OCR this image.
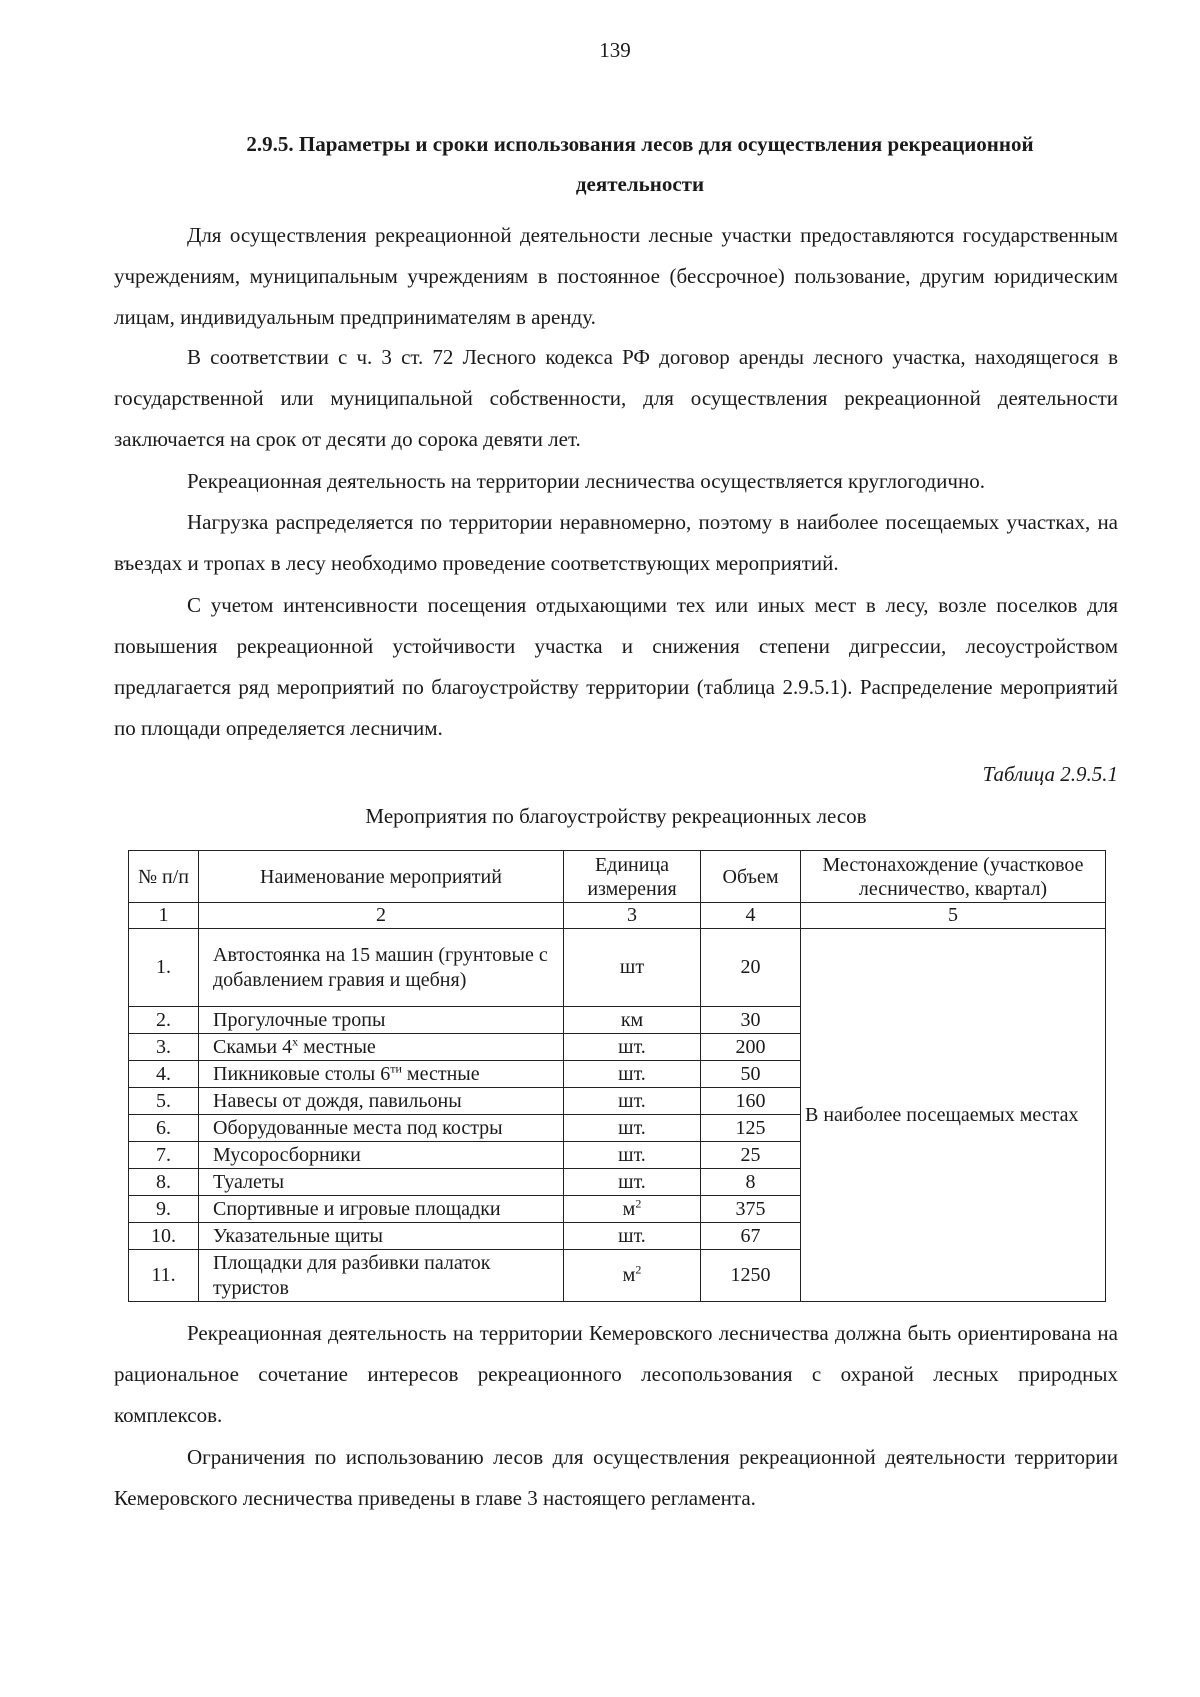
139
2.9.5. Параметры и сроки использования лесов для осуществления рекреационной
деятельности

Для осуществления рекреационной деятельности лесные участки предоставляются государственным учреждениям, муниципальным учреждениям в постоянное (бессрочное) пользование, другим юридическим лицам, индивидуальным предпринимателям в аренду.

В соответствии с ч. 3 ст. 72 Лесного кодекса РФ договор аренды лесного участка, находящегося в государственной или муниципальной собственности, для осуществления рекреационной деятельности заключается на срок от десяти до сорока девяти лет.

Рекреационная деятельность на территории лесничества осуществляется круглогодично.

Нагрузка распределяется по территории неравномерно, поэтому в наиболее посещаемых участках, на въездах и тропах в лесу необходимо проведение соответствующих мероприятий.

С учетом интенсивности посещения отдыхающими тех или иных мест в лесу, возле поселков для повышения рекреационной устойчивости участка и снижения степени дигрессии, лесоустройством предлагается ряд мероприятий по благоустройству территории (таблица 2.9.5.1). Распределение мероприятий по площади определяется лесничим.

Таблица 2.9.5.1
Мероприятия по благоустройству рекреационных лесов
№ п/п	Наименование мероприятий	Единица измерения	Объем	Местонахождение (участковое лесничество, квартал)
1	2	3	4	5
1.	Автостоянка на 15 машин (грунтовые с добавлением гравия и щебня)	шт	20	В наиболее посещаемых местах
2.	Прогулочные тропы	км	30	
3.	Скамьи $4^х$ местные	шт.	200	
4.	Пикниковые столы $6^{ти}$ местные	шт.	50	
5.	Навесы от дождя, павильоны	шт.	160	
6.	Оборудованные места под костры	шт.	125	
7.	Мусоросборники	шт.	25	
8.	Туалеты	шт.	8	
9.	Спортивные и игровые площадки	$м^2$	375	
10.	Указательные щиты	шт.	67	
11.	Площадки для разбивки палаток туристов	$м^2$	1250	

Рекреационная деятельность на территории Кемеровского лесничества должна быть ориентирована на рациональное сочетание интересов рекреационного лесопользования с охраной лесных природных комплексов.

Ограничения по использованию лесов для осуществления рекреационной деятельности территории Кемеровского лесничества приведены в главе 3 настоящего регламента.
